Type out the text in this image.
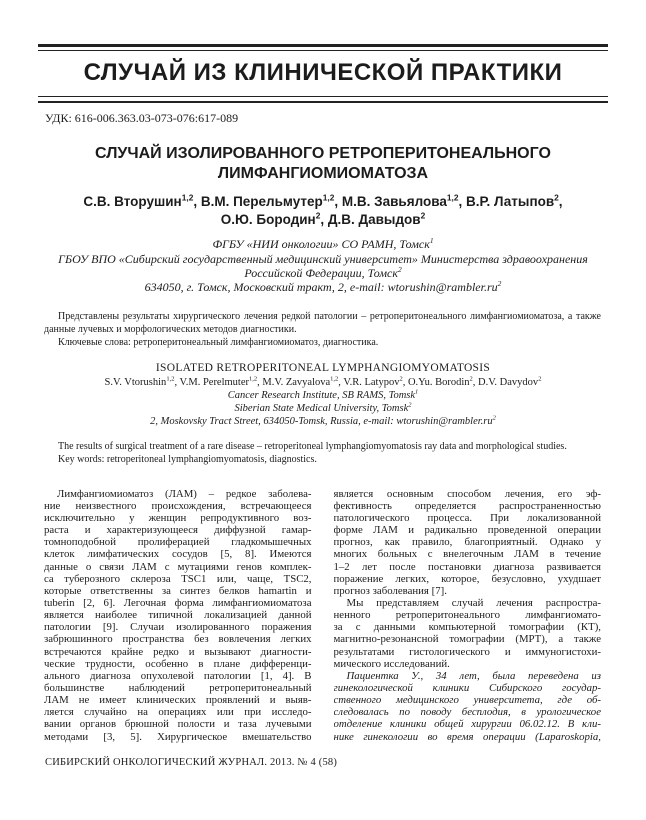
СЛУЧАЙ ИЗ КЛИНИЧЕСКОЙ ПРАКТИКИ
УДК: 616-006.363.03-073-076:617-089
СЛУЧАЙ ИЗОЛИРОВАННОГО РЕТРОПЕРИТОНЕАЛЬНОГО ЛИМФАНГИОМИОМАТОЗА
С.В. Вторушин$^{1,2}$, В.М. Перельмутер$^{1,2}$, М.В. Завьялова$^{1,2}$, В.Р. Латыпов$^2$,
О.Ю. Бородин$^2$, Д.В. Давыдов$^2$
ФГБУ «НИИ онкологии» СО РАМН, Томск$^1$
ГБОУ ВПО «Сибирский государственный медицинский университет» Министерства здравоохранения
Российской Федерации, Томск$^2$
634050, г. Томск, Московский тракт, 2, e-mail: $wtorushin@rambler.ru^2$
Представлены результаты хирургического лечения редкой патологии – ретроперитонеального лимфангиомиоматоза, а также
данные лучевых и морфологических методов диагностики.
Ключевые слова: ретроперитонеальный лимфангиомиоматоз, диагностика.
ISOLATED RETROPERITONEAL LYMPHANGIOMYOMATOSIS
S.V. Vtorushin$^{1,2}$, V.M. Perelmuter$^{1,2}$, M.V. Zavyalova$^{1,2}$, V.R. Latypov$^2$, O.Yu. Borodin$^2$, D.V. Davydov$^2$
Cancer Research Institute, SB RAMS, Tomsk$^1$
Siberian State Medical University, Tomsk$^2$
2, Moskovsky Tract Street, 634050-Tomsk, Russia, e-mail: $wtorushin@rambler.ru^2$
The results of surgical treatment of a rare disease – retroperitoneal lymphangiomyomatosis ray data and morphological studies.
Key words: retroperitoneal lymphangiomyomatosis, diagnostics.
Лимфангиомиоматоз (ЛАМ) – редкое заболева-
ние неизвестного происхождения, встречающееся
исключительно у женщин репродуктивного воз-
раста и характеризующееся диффузной гамар-
томноподобной пролиферацией гладкомышечных
клеток лимфатических сосудов [5, 8]. Имеются
данные о связи ЛАМ с мутациями генов комплек-
са туберозного склероза TSC1 или, чаще, TSC2,
которые ответственны за синтез белков hamartin и
tuberin [2, 6]. Легочная форма лимфангиомиоматоза
является наиболее типичной локализацией данной
патологии [9]. Случаи изолированного поражения
забрюшинного пространства без вовлечения легких
встречаются крайне редко и вызывают диагности-
ческие трудности, особенно в плане дифференци-
ального диагноза опухолевой патологии [1, 4]. В
большинстве наблюдений ретроперитонеальный
ЛАМ не имеет клинических проявлений и выяв-
ляется случайно на операциях или при исследо-
вании органов брюшной полости и таза лучевыми
методами [3, 5]. Хирургическое вмешательство
является основным способом лечения, его эф-
фективность определяется распространенностью
патологического процесса. При локализованной
форме ЛАМ и радикально проведенной операции
прогноз, как правило, благоприятный. Однако у
многих больных с внелегочным ЛАМ в течение
1–2 лет после постановки диагноза развивается
поражение легких, которое, безусловно, ухудшает
прогноз заболевания [7].
Мы представляем случай лечения распростра-
ненного ретроперитонеального лимфангиомато-
за с данными компьютерной томографии (КТ),
магнитно-резонансной томографии (МРТ), а также
результатами гистологического и иммуногистохи-
мического исследований.
Пациентка У., 34 лет, была переведена из
гинекологической клиники Сибирского государ-
ственного медицинского университета, где об-
следовалась по поводу бесплодия, в урологическое
отделение клиники общей хирургии 06.02.12. В кли-
нике гинекологии во время операции (Laparoskopia,
СИБИРСКИЙ ОНКОЛОГИЧЕСКИЙ ЖУРНАЛ. 2013. № 4 (58)
